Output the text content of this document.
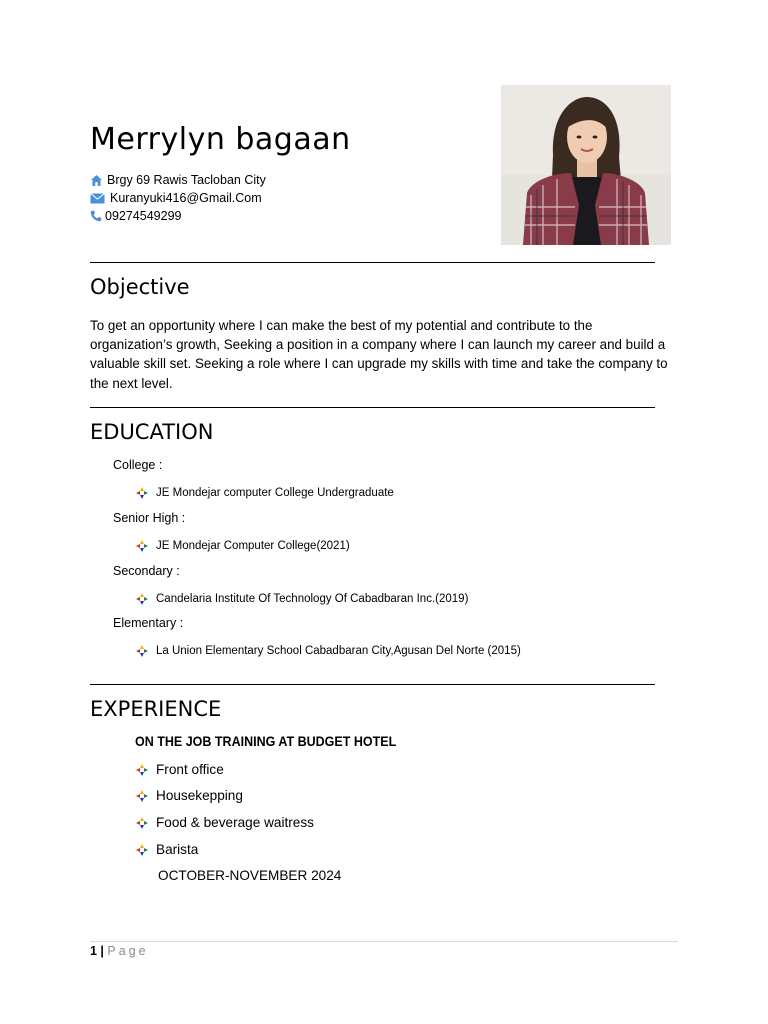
Merrylyn bagaan
Brgy 69 Rawis Tacloban City
Kuranyuki416@Gmail.Com
09274549299
Objective
To get an opportunity where I can make the best of my potential and contribute to the organization’s growth, Seeking a position in a company where I can launch my career and build a valuable skill set. Seeking a role where I can upgrade my skills with time and take the company to the next level.
EDUCATION
College :
JE Mondejar computer College Undergraduate
Senior High :
JE Mondejar Computer College(2021)
Secondary :
Candelaria Institute Of Technology Of Cabadbaran Inc.(2019)
Elementary :
La Union Elementary School Cabadbaran City,Agusan Del Norte (2015)
EXPERIENCE
ON THE JOB TRAINING AT BUDGET HOTEL
Front office
Housekepping
Food & beverage waitress
Barista
OCTOBER-NOVEMBER 2024
1 | Page
